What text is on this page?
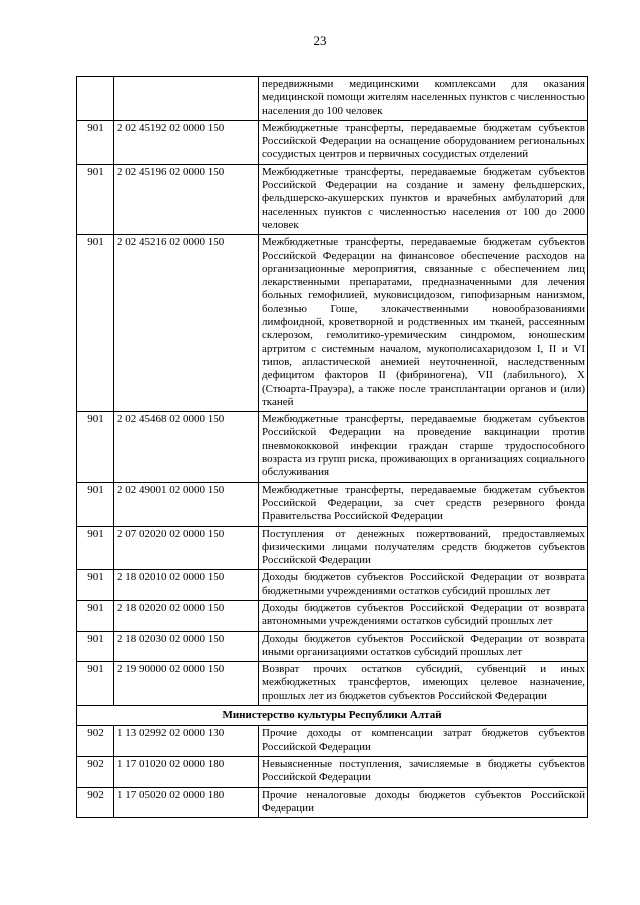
23
		передвижными медицинскими комплексами для оказания медицинской помощи жителям населенных пунктов с численностью населения до 100 человек
901	2 02 45192 02 0000 150	Межбюджетные трансферты, передаваемые бюджетам субъектов Российской Федерации на оснащение оборудованием региональных сосудистых центров и первичных сосудистых отделений
901	2 02 45196 02 0000 150	Межбюджетные трансферты, передаваемые бюджетам субъектов Российской Федерации на создание и замену фельдшерских, фельдшерско-акушерских пунктов и врачебных амбулаторий для населенных пунктов с численностью населения от 100 до 2000 человек
901	2 02 45216 02 0000 150	Межбюджетные трансферты, передаваемые бюджетам субъектов Российской Федерации на финансовое обеспечение расходов на организационные мероприятия, связанные с обеспечением лиц лекарственными препаратами, предназначенными для лечения больных гемофилией, муковисцидозом, гипофизарным нанизмом, болезнью Гоше, злокачественными новообразованиями лимфоидной, кроветворной и родственных им тканей, рассеянным склерозом, гемолитико-уремическим синдромом, юношеским артритом с системным началом, мукополисахаридозом I, II и VI типов, апластической анемией неуточненной, наследственным дефицитом факторов II (фибриногена), VII (лабильного), X (Стюарта-Прауэра), а также после трансплантации органов и (или) тканей
901	2 02 45468 02 0000 150	Межбюджетные трансферты, передаваемые бюджетам субъектов Российской Федерации на проведение вакцинации против пневмококковой инфекции граждан старше трудоспособного возраста из групп риска, проживающих в организациях социального обслуживания
901	2 02 49001 02 0000 150	Межбюджетные трансферты, передаваемые бюджетам субъектов Российской Федерации, за счет средств резервного фонда Правительства Российской Федерации
901	2 07 02020 02 0000 150	Поступления от денежных пожертвований, предоставляемых физическими лицами получателям средств бюджетов субъектов Российской Федерации
901	2 18 02010 02 0000 150	Доходы бюджетов субъектов Российской Федерации от возврата бюджетными учреждениями остатков субсидий прошлых лет
901	2 18 02020 02 0000 150	Доходы бюджетов субъектов Российской Федерации от возврата автономными учреждениями остатков субсидий прошлых лет
901	2 18 02030 02 0000 150	Доходы бюджетов субъектов Российской Федерации от возврата иными организациями остатков субсидий прошлых лет
901	2 19 90000 02 0000 150	Возврат прочих остатков субсидий, субвенций и иных межбюджетных трансфертов, имеющих целевое назначение, прошлых лет из бюджетов субъектов Российской Федерации
Министерство культуры Республики Алтай		
902	1 13 02992 02 0000 130	Прочие доходы от компенсации затрат бюджетов субъектов Российской Федерации
902	1 17 01020 02 0000 180	Невыясненные поступления, зачисляемые в бюджеты субъектов Российской Федерации
902	1 17 05020 02 0000 180	Прочие неналоговые доходы бюджетов субъектов Российской Федерации
